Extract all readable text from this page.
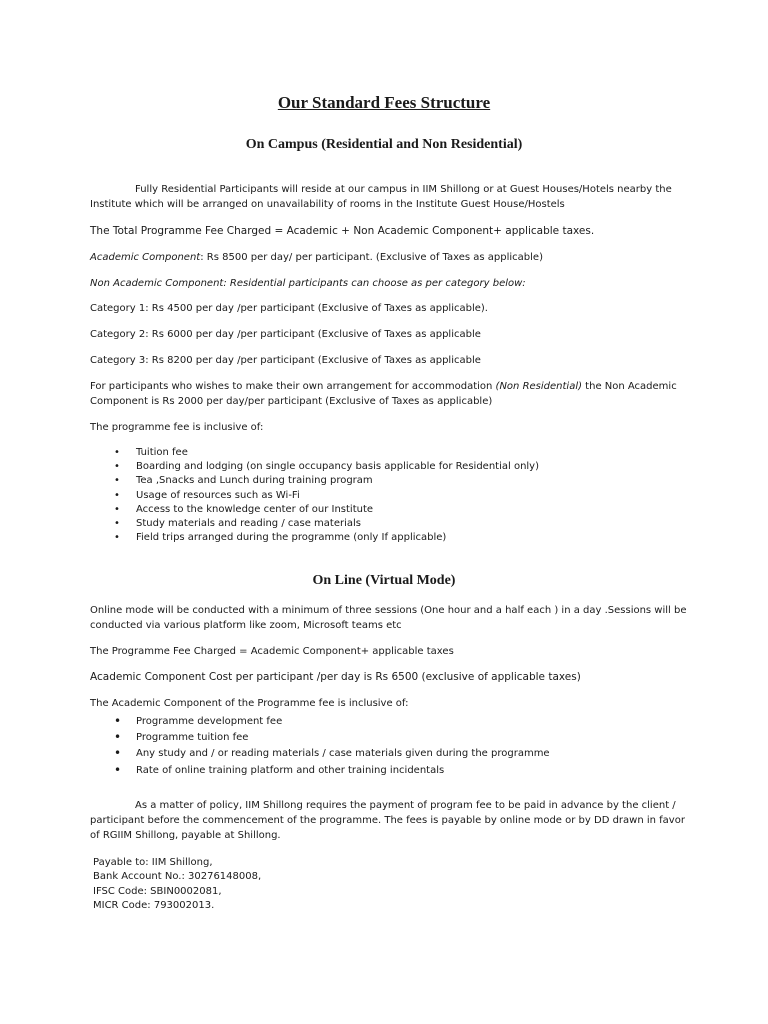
Our Standard Fees Structure
On Campus (Residential and Non Residential)

Fully Residential Participants will reside at our campus in IIM Shillong or at Guest Houses/Hotels nearby the Institute which will be arranged on unavailability of rooms in the Institute Guest House/Hostels

The Total Programme Fee Charged = Academic + Non Academic Component+ applicable taxes.

Academic Component: Rs 8500 per day/ per participant. (Exclusive of Taxes as applicable)

Non Academic Component: Residential participants can choose as per category below:

Category 1: Rs 4500 per day /per participant (Exclusive of Taxes as applicable).

Category 2: Rs 6000 per day /per participant (Exclusive of Taxes as applicable

Category 3: Rs 8200 per day /per participant (Exclusive of Taxes as applicable

For participants who wishes to make their own arrangement for accommodation (Non Residential) the Non Academic Component is Rs 2000 per day/per participant (Exclusive of Taxes as applicable)

The programme fee is inclusive of:

• Tuition fee
• Boarding and lodging (on single occupancy basis applicable for Residential only)
• Tea ,Snacks and Lunch during training program
• Usage of resources such as Wi-Fi
• Access to the knowledge center of our Institute
• Study materials and reading / case materials
• Field trips arranged during the programme (only If applicable)
On Line (Virtual Mode)

Online mode will be conducted with a minimum of three sessions (One hour and a half each ) in a day .Sessions will be conducted via various platform like zoom, Microsoft teams etc

The Programme Fee Charged = Academic Component+ applicable taxes

Academic Component Cost per participant /per day is Rs 6500 (exclusive of applicable taxes)

The Academic Component of the Programme fee is inclusive of:

• Programme development fee
• Programme tuition fee
• Any study and / or reading materials / case materials given during the programme
• Rate of online training platform and other training incidentals

As a matter of policy, IIM Shillong requires the payment of program fee to be paid in advance by the client / participant before the commencement of the programme. The fees is payable by online mode or by DD drawn in favor of RGIIM Shillong, payable at Shillong.

Payable to: IIM Shillong,
Bank Account No.: 30276148008,
IFSC Code: SBIN0002081,
MICR Code: 793002013.
